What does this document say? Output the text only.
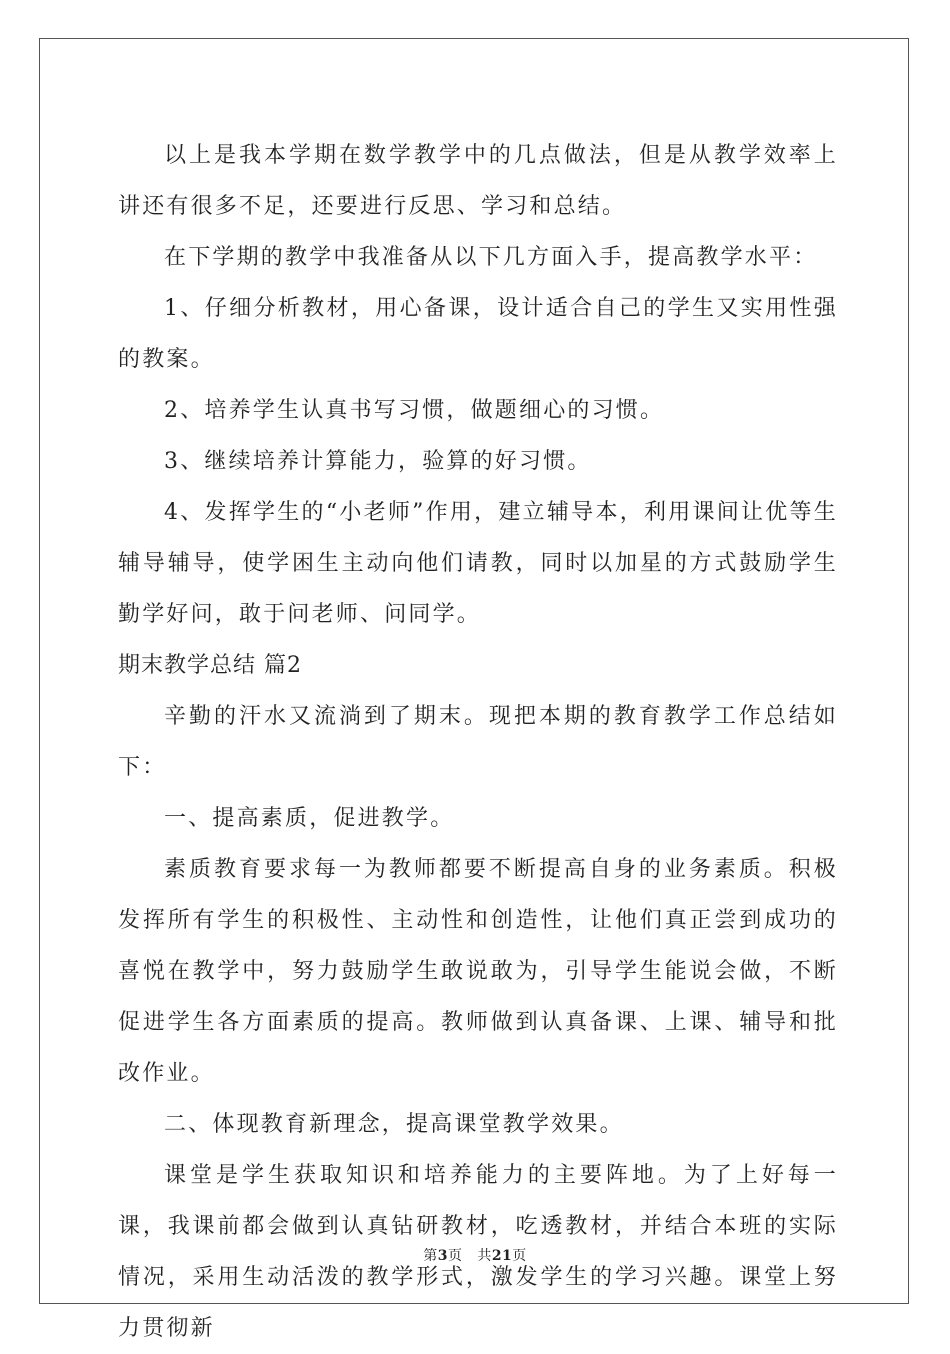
以上是我本学期在数学教学中的几点做法，但是从教学效率上讲还有很多不足，还要进行反思、学习和总结。

在下学期的教学中我准备从以下几方面入手，提高教学水平：

1、仔细分析教材，用心备课，设计适合自己的学生又实用性强的教案。

2、培养学生认真书写习惯，做题细心的习惯。

3、继续培养计算能力，验算的好习惯。

4、发挥学生的“小老师”作用，建立辅导本，利用课间让优等生辅导辅导，使学困生主动向他们请教，同时以加星的方式鼓励学生勤学好问，敢于问老师、问同学。

期末教学总结 篇2

辛勤的汗水又流淌到了期末。现把本期的教育教学工作总结如下：

一、提高素质，促进教学。

素质教育要求每一为教师都要不断提高自身的业务素质。积极发挥所有学生的积极性、主动性和创造性，让他们真正尝到成功的喜悦在教学中，努力鼓励学生敢说敢为，引导学生能说会做，不断促进学生各方面素质的提高。教师做到认真备课、上课、辅导和批改作业。

二、体现教育新理念，提高课堂教学效果。

课堂是学生获取知识和培养能力的主要阵地。为了上好每一课，我课前都会做到认真钻研教材，吃透教材，并结合本班的实际情况，采用生动活泼的教学形式，激发学生的学习兴趣。课堂上努力贯彻新

第3页 共21页
